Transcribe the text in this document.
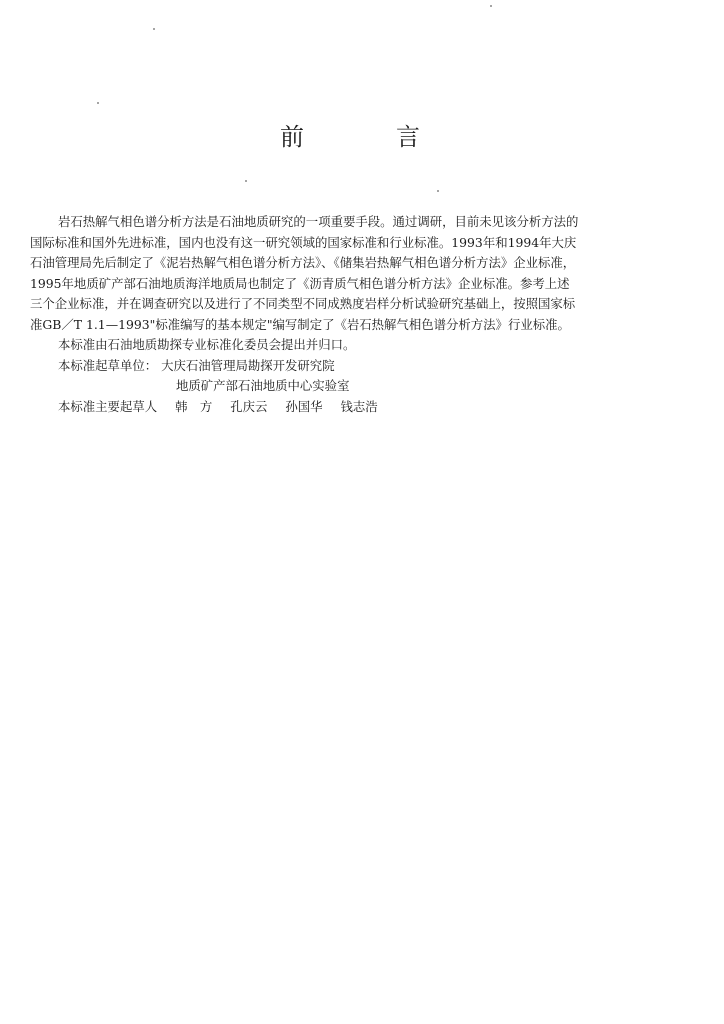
前	言
岩石热解气相色谱分析方法是石油地质研究的一项重要手段。通过调研，目前未见该分析方法的
国际标准和国外先进标准，国内也没有这一研究领域的国家标准和行业标准。1993年和1994年大庆
石油管理局先后制定了《泥岩热解气相色谱分析方法》、《储集岩热解气相色谱分析方法》企业标准，
1995年地质矿产部石油地质海洋地质局也制定了《沥青质气相色谱分析方法》企业标准。参考上述
三个企业标准，并在调查研究以及进行了不同类型不同成熟度岩样分析试验研究基础上，按照国家标
准GB／T 1.1—1993"标准编写的基本规定"编写制定了《岩石热解气相色谱分析方法》行业标准。
本标准由石油地质勘探专业标准化委员会提出并归口。
本标准起草单位： 大庆石油管理局勘探开发研究院
地质矿产部石油地质中心实验室
本标准主要起草人 韩　方 孔庆云 孙国华 钱志浩
